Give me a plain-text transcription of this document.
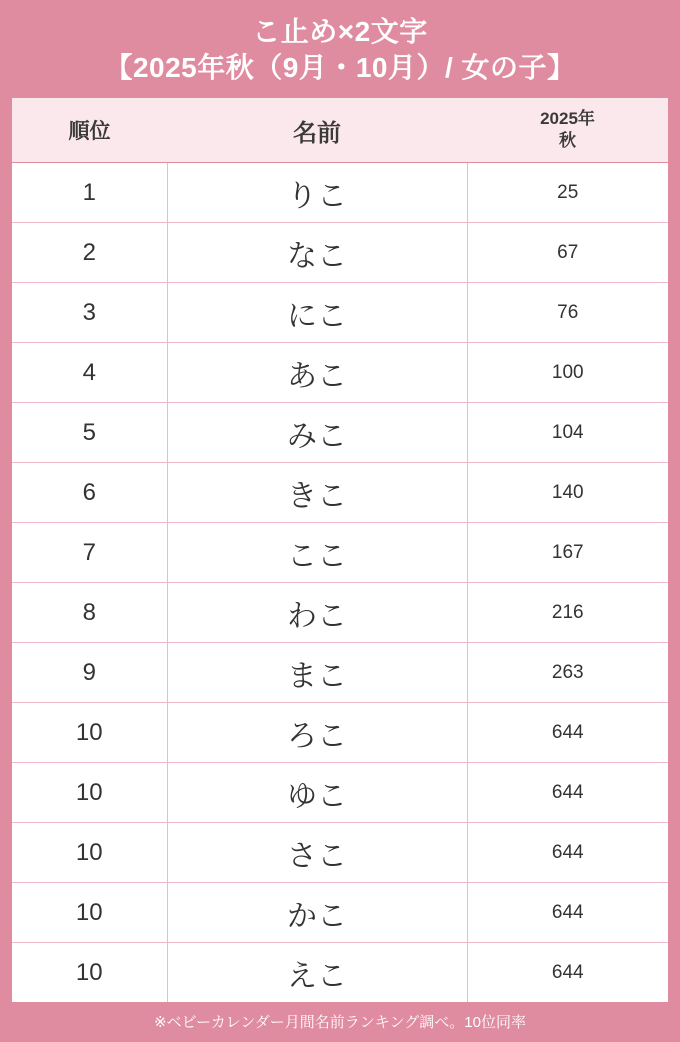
こ止め×2文字
【2025年秋（9月・10月）/ 女の子】
順位	名前	2025年
秋

1	りこ	25
2	なこ	67
3	にこ	76
4	あこ	100
5	みこ	104
6	きこ	140
7	ここ	167
8	わこ	216
9	まこ	263
10	ろこ	644
10	ゆこ	644
10	さこ	644
10	かこ	644
10	えこ	644
※ベビーカレンダー月間名前ランキング調べ。10位同率
